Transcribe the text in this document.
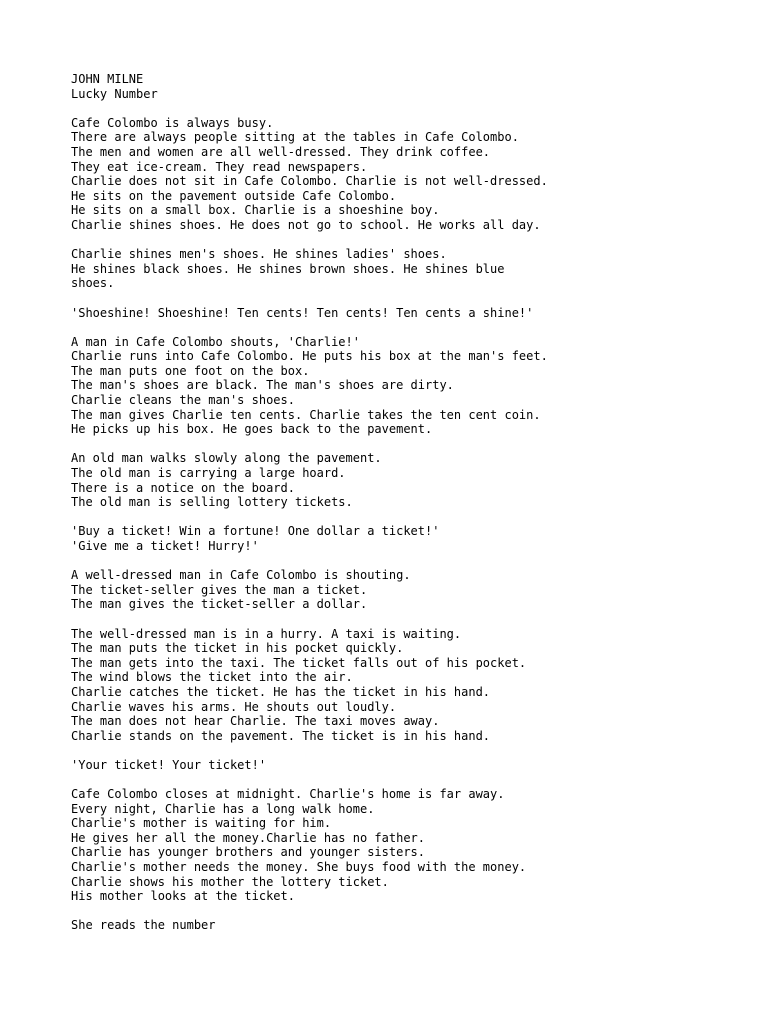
JOHN MILNE
Lucky Number
Cafe Colombo is always busy.
There are always people sitting at the tables in Cafe Colombo.
The men and women are all well-dressed. They drink coffee.
They eat ice-cream. They read newspapers.
Charlie does not sit in Cafe Colombo. Charlie is not well-dressed.
He sits on the pavement outside Cafe Colombo.
He sits on a small box. Charlie is a shoeshine boy.
Charlie shines shoes. He does not go to school. He works all day.
Charlie shines men's shoes. He shines ladies' shoes.
He shines black shoes. He shines brown shoes. He shines blue
shoes.
'Shoeshine! Shoeshine! Ten cents! Ten cents! Ten cents a shine!'
A man in Cafe Colombo shouts, 'Charlie!'
Charlie runs into Cafe Colombo. He puts his box at the man's feet.
The man puts one foot on the box.
The man's shoes are black. The man's shoes are dirty.
Charlie cleans the man's shoes.
The man gives Charlie ten cents. Charlie takes the ten cent coin.
He picks up his box. He goes back to the pavement.
An old man walks slowly along the pavement.
The old man is carrying a large hoard.
There is a notice on the board.
The old man is selling lottery tickets.
'Buy a ticket! Win a fortune! One dollar a ticket!'
'Give me a ticket! Hurry!'
A well-dressed man in Cafe Colombo is shouting.
The ticket-seller gives the man a ticket.
The man gives the ticket-seller a dollar.
The well-dressed man is in a hurry. A taxi is waiting.
The man puts the ticket in his pocket quickly.
The man gets into the taxi. The ticket falls out of his pocket.
The wind blows the ticket into the air.
Charlie catches the ticket. He has the ticket in his hand.
Charlie waves his arms. He shouts out loudly.
The man does not hear Charlie. The taxi moves away.
Charlie stands on the pavement. The ticket is in his hand.
'Your ticket! Your ticket!'
Cafe Colombo closes at midnight. Charlie's home is far away.
Every night, Charlie has a long walk home.
Charlie's mother is waiting for him.
He gives her all the money.Charlie has no father.
Charlie has younger brothers and younger sisters.
Charlie's mother needs the money. She buys food with the money.
Charlie shows his mother the lottery ticket.
His mother looks at the ticket.
She reads the number
